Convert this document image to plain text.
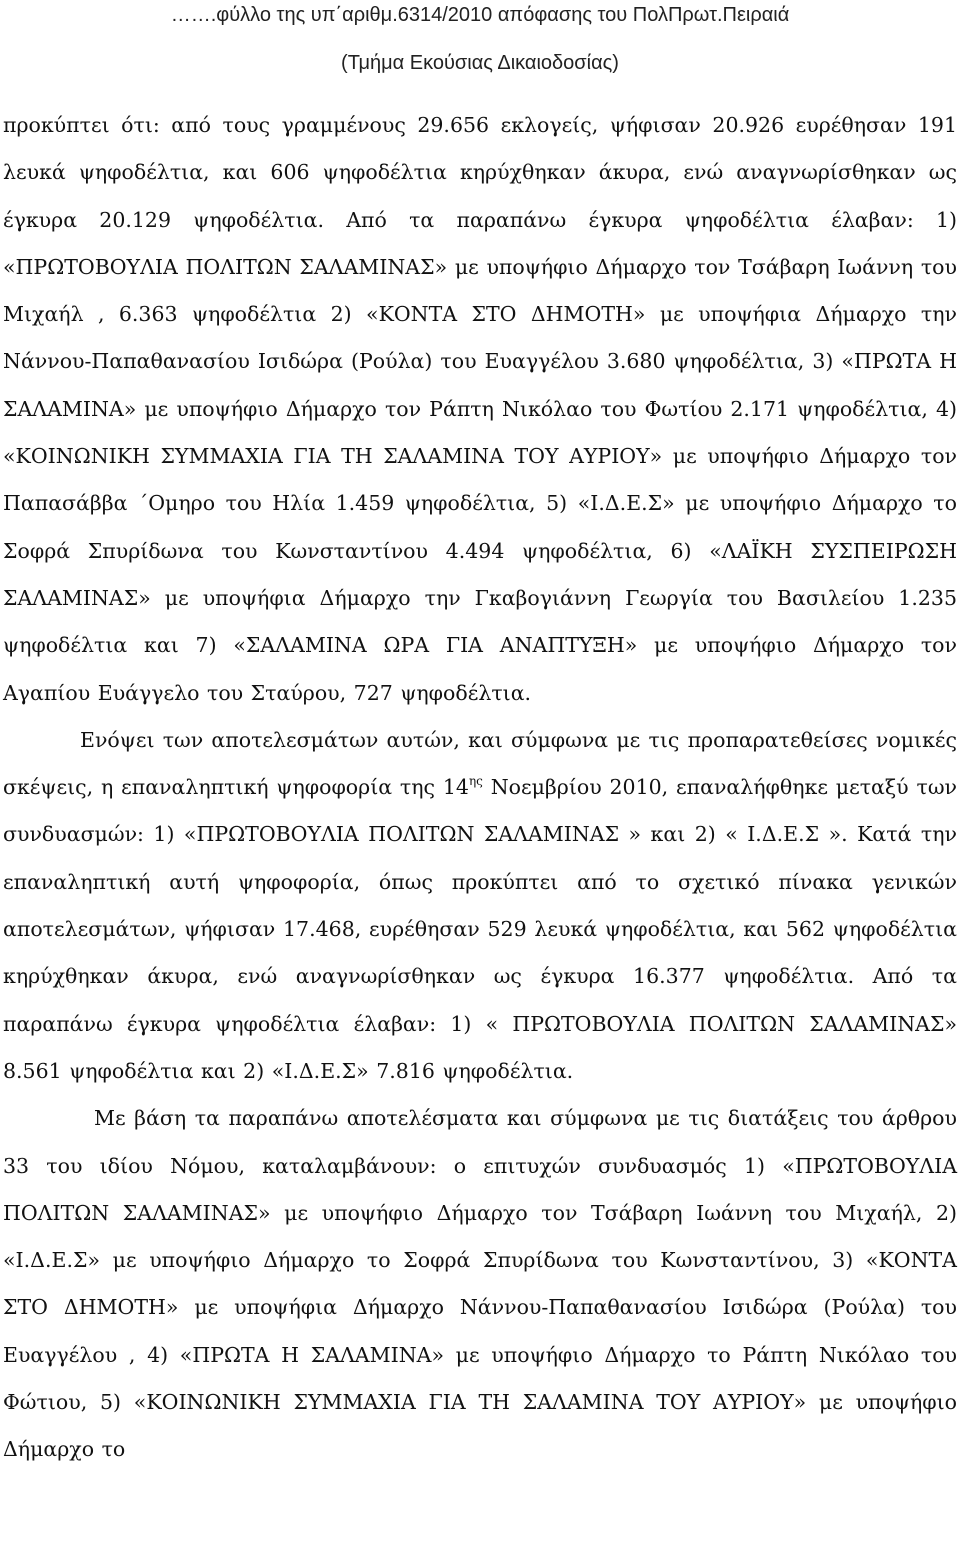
…….φύλλο της υπ΄αριθμ.6314/2010 απόφασης του ΠολΠρωτ.Πειραιά
(Τμήμα Εκούσιας Δικαιοδοσίας)

προκύπτει ότι: από τους γραμμένους 29.656 εκλογείς, ψήφισαν 20.926 ευρέθησαν 191 λευκά ψηφοδέλτια, και 606 ψηφοδέλτια κηρύχθηκαν άκυρα, ενώ αναγνωρίσθηκαν ως έγκυρα 20.129 ψηφοδέλτια. Από τα παραπάνω έγκυρα ψηφοδέλτια έλαβαν: 1) «ΠΡΩΤΟΒΟΥΛΙΑ ΠΟΛΙΤΩΝ ΣΑΛΑΜΙΝΑΣ» με υποψήφιο Δήμαρχο τον Τσάβαρη Ιωάννη του Μιχαήλ , 6.363 ψηφοδέλτια 2) «ΚΟΝΤΑ ΣΤΟ ΔΗΜΟΤΗ» με υποψήφια Δήμαρχο την Νάννου-Παπαθανασίου Ισιδώρα (Ρούλα) του Ευαγγέλου 3.680 ψηφοδέλτια, 3) «ΠΡΩΤΑ Η ΣΑΛΑΜΙΝΑ» με υποψήφιο Δήμαρχο τον Ράπτη Νικόλαο του Φωτίου 2.171 ψηφοδέλτια, 4) «ΚΟΙΝΩΝΙΚΗ ΣΥΜΜΑΧΙΑ ΓΙΑ ΤΗ ΣΑΛΑΜΙΝΑ ΤΟΥ ΑΥΡΙΟΥ» με υποψήφιο Δήμαρχο τον Παπασάββα ΄Ομηρο του Ηλία 1.459 ψηφοδέλτια, 5) «Ι.Δ.Ε.Σ» με υποψήφιο Δήμαρχο το Σοφρά Σπυρίδωνα του Κωνσταντίνου 4.494 ψηφοδέλτια, 6) «ΛΑΪΚΗ ΣΥΣΠΕΙΡΩΣΗ ΣΑΛΑΜΙΝΑΣ» με υποψήφια Δήμαρχο την Γκαβογιάννη Γεωργία του Βασιλείου 1.235 ψηφοδέλτια και 7) «ΣΑΛΑΜΙΝΑ ΩΡΑ ΓΙΑ ΑΝΑΠΤΥΞΗ» με υποψήφιο Δήμαρχο τον Αγαπίου Ευάγγελο του Σταύρου, 727 ψηφοδέλτια.

Ενόψει των αποτελεσμάτων αυτών, και σύμφωνα με τις προπαρατεθείσες νομικές σκέψεις, η επαναληπτική ψηφοφορία της $14^{\eta\varsigma}$ Νοεμβρίου 2010, επαναλήφθηκε μεταξύ των συνδυασμών: 1) «ΠΡΩΤΟΒΟΥΛΙΑ ΠΟΛΙΤΩΝ ΣΑΛΑΜΙΝΑΣ » και 2) « Ι.Δ.Ε.Σ ». Κατά την επαναληπτική αυτή ψηφοφορία, όπως προκύπτει από το σχετικό πίνακα γενικών αποτελεσμάτων, ψήφισαν 17.468, ευρέθησαν 529 λευκά ψηφοδέλτια, και 562 ψηφοδέλτια κηρύχθηκαν άκυρα, ενώ αναγνωρίσθηκαν ως έγκυρα 16.377 ψηφοδέλτια. Από τα παραπάνω έγκυρα ψηφοδέλτια έλαβαν: 1) « ΠΡΩΤΟΒΟΥΛΙΑ ΠΟΛΙΤΩΝ ΣΑΛΑΜΙΝΑΣ» 8.561 ψηφοδέλτια και 2) «Ι.Δ.Ε.Σ» 7.816 ψηφοδέλτια.

Με βάση τα παραπάνω αποτελέσματα και σύμφωνα με τις διατάξεις του άρθρου 33 του ιδίου Νόμου, καταλαμβάνουν: ο επιτυχών συνδυασμός 1) «ΠΡΩΤΟΒΟΥΛΙΑ ΠΟΛΙΤΩΝ ΣΑΛΑΜΙΝΑΣ» με υποψήφιο Δήμαρχο τον Τσάβαρη Ιωάννη του Μιχαήλ, 2) «Ι.Δ.Ε.Σ» με υποψήφιο Δήμαρχο το Σοφρά Σπυρίδωνα του Κωνσταντίνου, 3) «ΚΟΝΤΑ ΣΤΟ ΔΗΜΟΤΗ» με υποψήφια Δήμαρχο Νάννου-Παπαθανασίου Ισιδώρα (Ρούλα) του Ευαγγέλου , 4) «ΠΡΩΤΑ Η ΣΑΛΑΜΙΝΑ» με υποψήφιο Δήμαρχο το Ράπτη Νικόλαο του Φώτιου, 5) «ΚΟΙΝΩΝΙΚΗ ΣΥΜΜΑΧΙΑ ΓΙΑ ΤΗ ΣΑΛΑΜΙΝΑ ΤΟΥ ΑΥΡΙΟΥ» με υποψήφιο Δήμαρχο το
